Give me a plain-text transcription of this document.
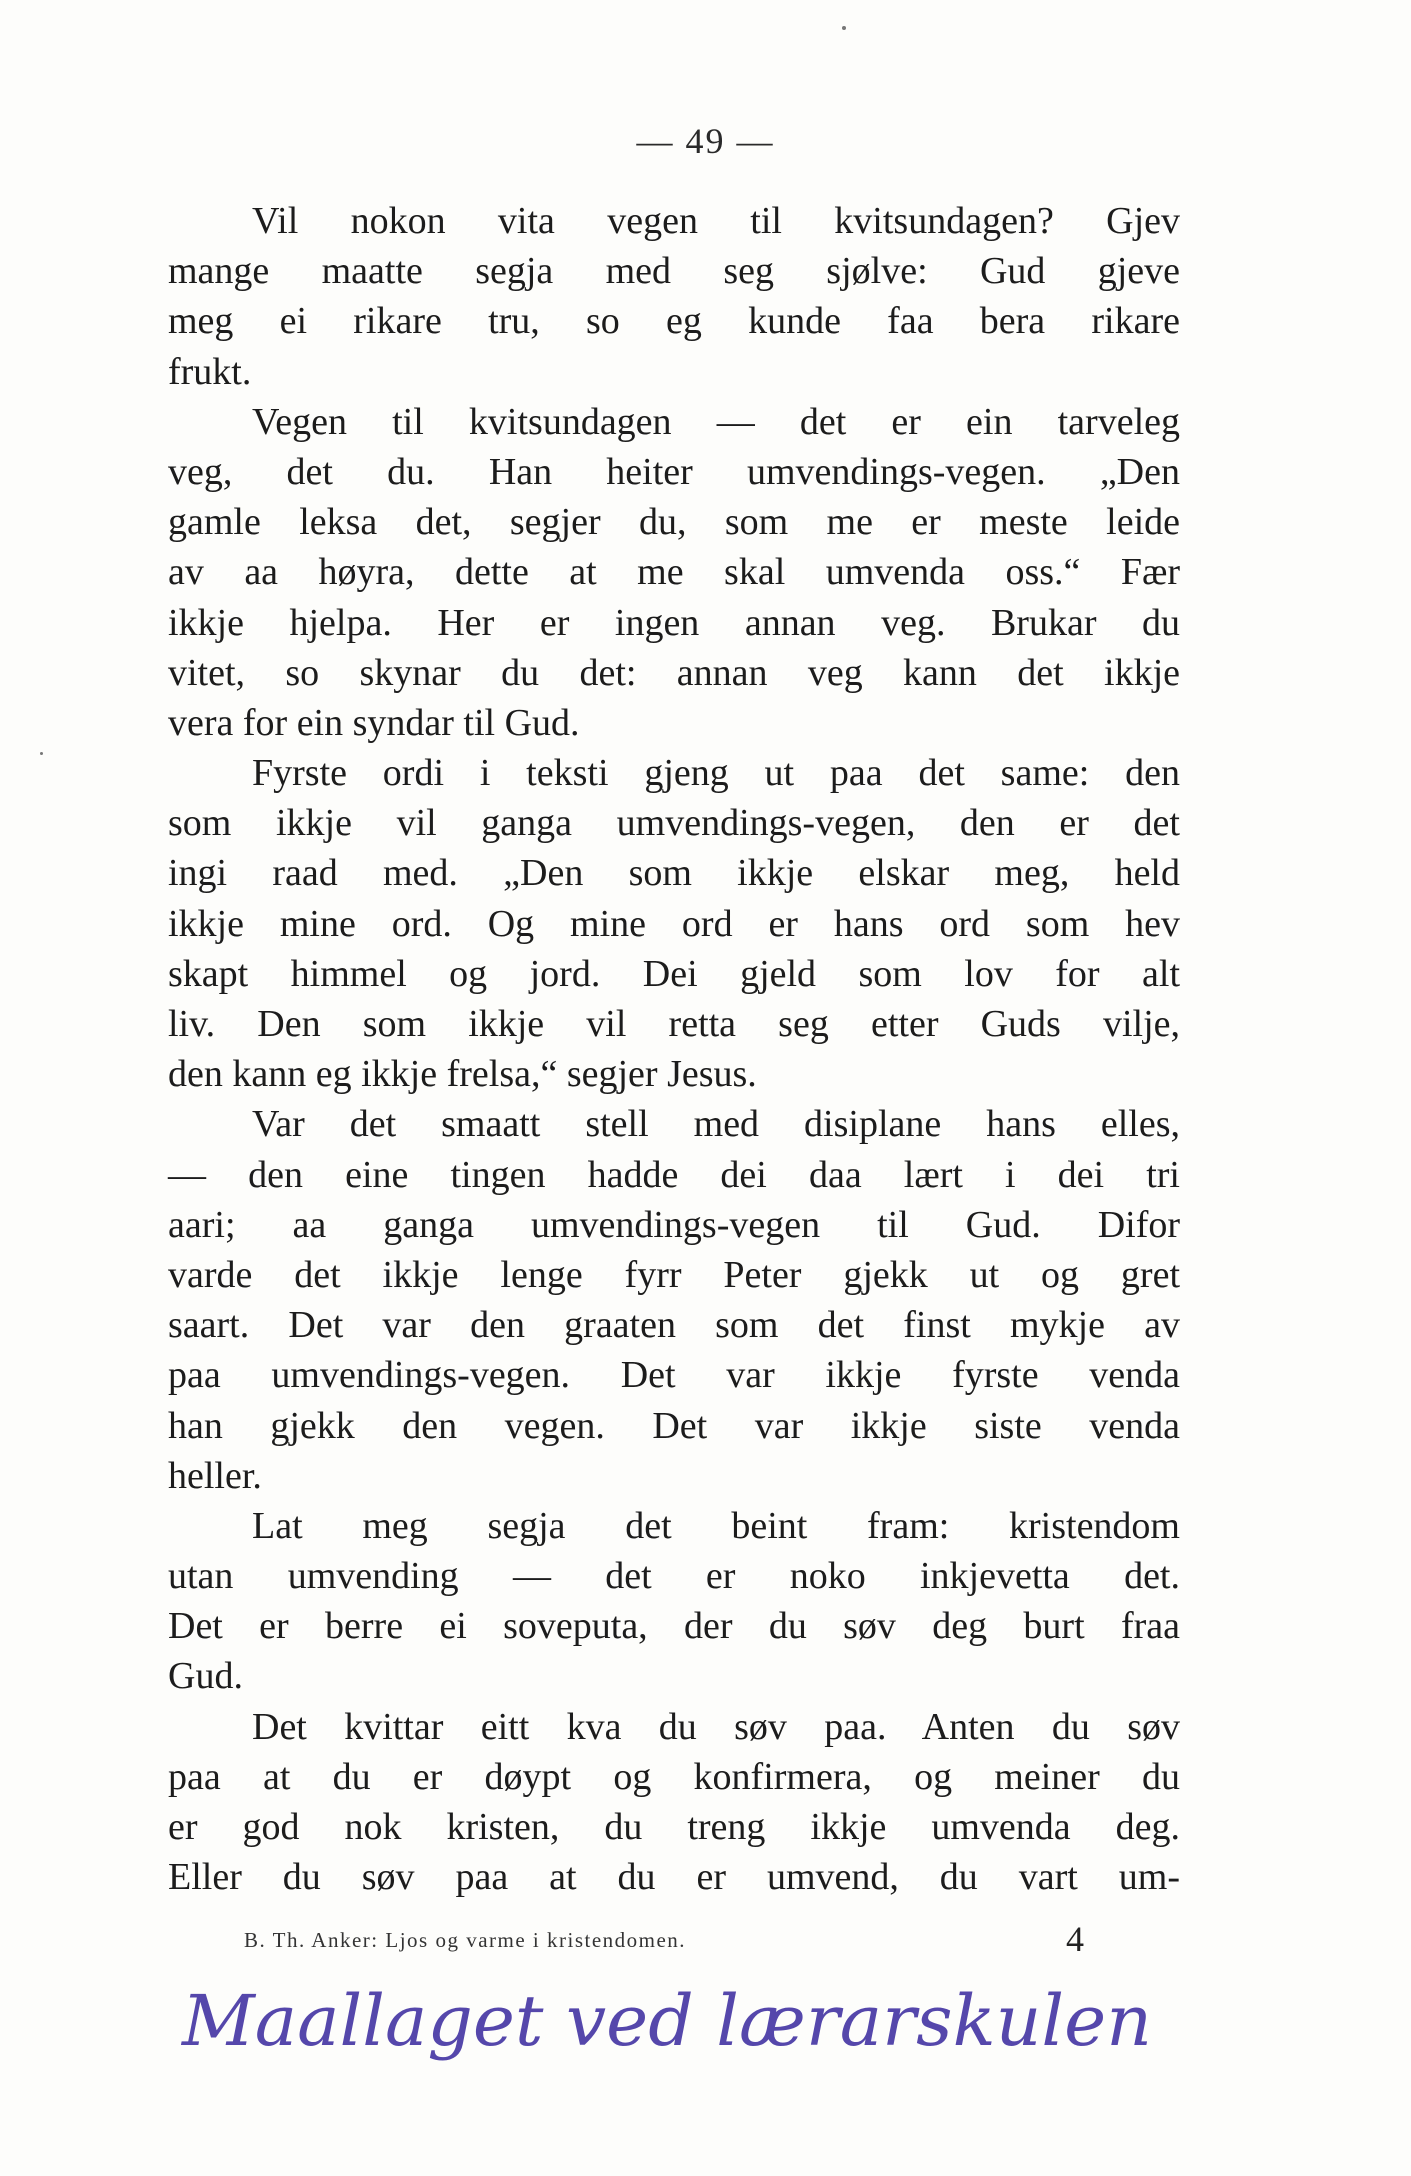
— 49 —

Vil nokon vita vegen til kvitsundagen? Gjev
mange maatte segja med seg sjølve: Gud gjeve
meg ei rikare tru, so eg kunde faa bera rikare
frukt.

Vegen til kvitsundagen — det er ein tarveleg
veg, det du. Han heiter umvendings-vegen. „Den
gamle leksa det, segjer du, som me er meste leide
av aa høyra, dette at me skal umvenda oss.“ Fær
ikkje hjelpa. Her er ingen annan veg. Brukar du
vitet, so skynar du det: annan veg kann det ikkje
vera for ein syndar til Gud.

Fyrste ordi i teksti gjeng ut paa det same: den
som ikkje vil ganga umvendings-vegen, den er det
ingi raad med. „Den som ikkje elskar meg, held
ikkje mine ord. Og mine ord er hans ord som hev
skapt himmel og jord. Dei gjeld som lov for alt
liv. Den som ikkje vil retta seg etter Guds vilje,
den kann eg ikkje frelsa,“ segjer Jesus.

Var det smaatt stell med disiplane hans elles,
— den eine tingen hadde dei daa lært i dei tri
aari; aa ganga umvendings-vegen til Gud. Difor
varde det ikkje lenge fyrr Peter gjekk ut og gret
saart. Det var den graaten som det finst mykje av
paa umvendings-vegen. Det var ikkje fyrste venda
han gjekk den vegen. Det var ikkje siste venda
heller.

Lat meg segja det beint fram: kristendom
utan umvending — det er noko inkjevetta det.
Det er berre ei soveputa, der du søv deg burt fraa
Gud.

Det kvittar eitt kva du søv paa. Anten du søv
paa at du er døypt og konfirmera, og meiner du
er god nok kristen, du treng ikkje umvenda deg.
Eller du søv paa at du er umvend, du vart um-

B. Th. Anker: Ljos og varme i kristendomen.	4
Maallaget ved lærarskulen
